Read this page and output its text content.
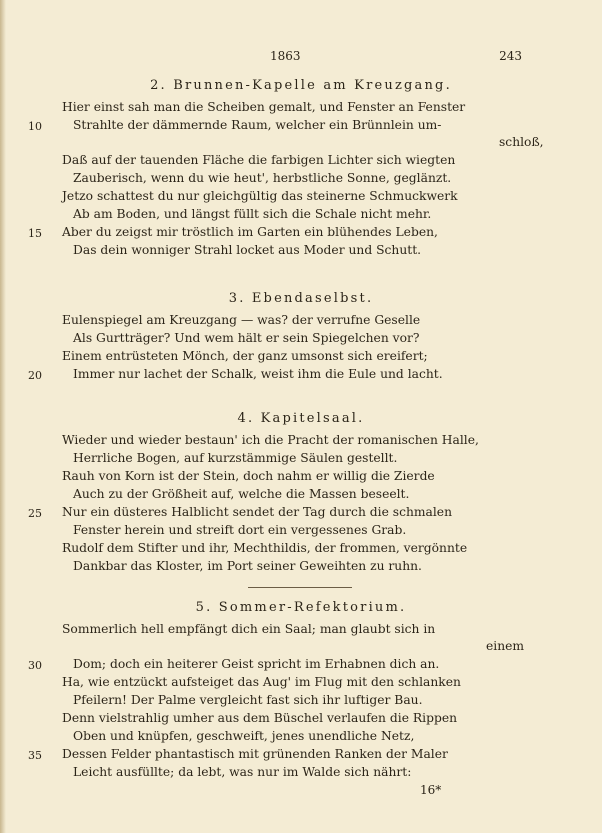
1863	243
2. Brunnen-Kapelle am Kreuzgang.
Hier einst sah man die Scheiben gemalt, und Fenster an Fenster
Strahlte der dämmernde Raum, welcher ein Brünnlein um-
schloß,
Daß auf der tauenden Fläche die farbigen Lichter sich wiegten
Zauberisch, wenn du wie heut', herbstliche Sonne, geglänzt.
Jetzo schattest du nur gleichgültig das steinerne Schmuckwerk
Ab am Boden, und längst füllt sich die Schale nicht mehr.
Aber du zeigst mir tröstlich im Garten ein blühendes Leben,
Das dein wonniger Strahl locket aus Moder und Schutt.
3. Ebendaselbst.
Eulenspiegel am Kreuzgang — was? der verrufne Geselle
Als Gurtträger? Und wem hält er sein Spiegelchen vor?
Einem entrüsteten Mönch, der ganz umsonst sich ereifert;
Immer nur lachet der Schalk, weist ihm die Eule und lacht.
4. Kapitelsaal.
Wieder und wieder bestaun' ich die Pracht der romanischen Halle,
Herrliche Bogen, auf kurzstämmige Säulen gestellt.
Rauh von Korn ist der Stein, doch nahm er willig die Zierde
Auch zu der Größheit auf, welche die Massen beseelt.
Nur ein düsteres Halblicht sendet der Tag durch die schmalen
Fenster herein und streift dort ein vergessenes Grab.
Rudolf dem Stifter und ihr, Mechthildis, der frommen, vergönnte
Dankbar das Kloster, im Port seiner Geweihten zu ruhn.
5. Sommer-Refektorium.
Sommerlich hell empfängt dich ein Saal; man glaubt sich in
einem
Dom; doch ein heiterer Geist spricht im Erhabnen dich an.
Ha, wie entzückt aufsteiget das Aug' im Flug mit den schlanken
Pfeilern! Der Palme vergleicht fast sich ihr luftiger Bau.
Denn vielstrahlig umher aus dem Büschel verlaufen die Rippen
Oben und knüpfen, geschweift, jenes unendliche Netz,
Dessen Felder phantastisch mit grünenden Ranken der Maler
Leicht ausfüllte; da lebt, was nur im Walde sich nährt:
10
15
20
25
30
35
16*
